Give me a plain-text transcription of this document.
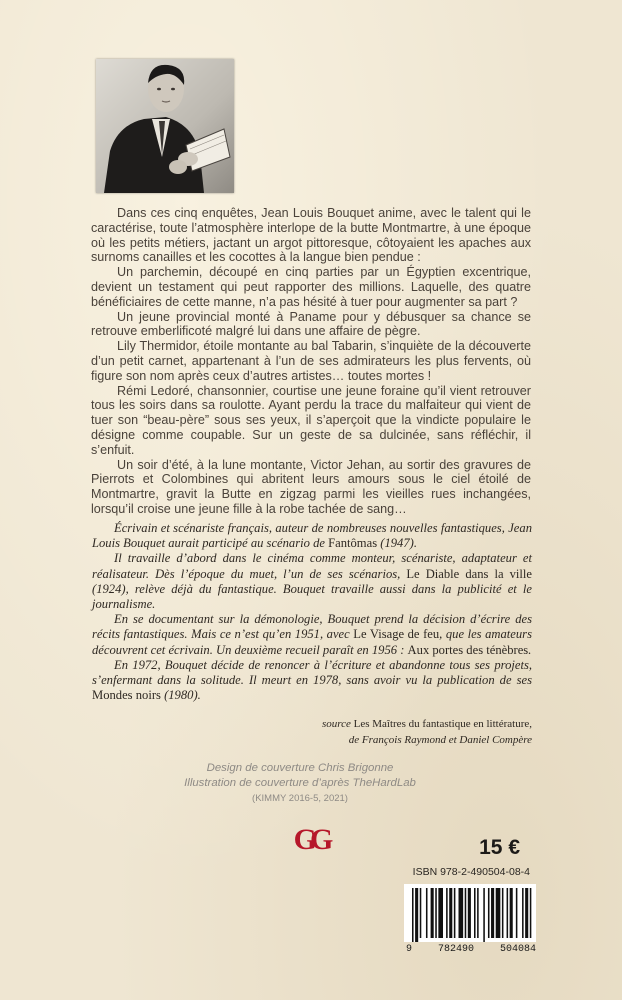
Dans ces cinq enquêtes, Jean Louis Bouquet anime, avec le talent qui le caractérise, toute l’atmosphère interlope de la butte Montmartre, à une époque où les petits métiers, jactant un argot pittoresque, côtoyaient les apaches aux surnoms canailles et les cocottes à la langue bien pendue :

Un parchemin, découpé en cinq parties par un Égyptien excentrique, devient un testament qui peut rapporter des millions. Laquelle, des quatre bénéficiaires de cette manne, n’a pas hésité à tuer pour augmenter sa part ?

Un jeune provincial monté à Paname pour y débusquer sa chance se retrouve emberlificoté malgré lui dans une affaire de pègre.

Lily Thermidor, étoile montante au bal Tabarin, s’inquiète de la découverte d’un petit carnet, appartenant à l’un de ses admirateurs les plus fervents, où figure son nom après ceux d’autres artistes… toutes mortes !

Rémi Ledoré, chansonnier, courtise une jeune foraine qu’il vient retrouver tous les soirs dans sa roulotte. Ayant perdu la trace du malfaiteur qui vient de tuer son “beau-père” sous ses yeux, il s’aperçoit que la vindicte populaire le désigne comme coupable. Sur un geste de sa dulcinée, sans réfléchir, il s’enfuit.

Un soir d’été, à la lune montante, Victor Jehan, au sortir des gravures de Pierrots et Colombines qui abritent leurs amours sous le ciel étoilé de Montmartre, gravit la Butte en zigzag parmi les vieilles rues inchangées, lorsqu’il croise une jeune fille à la robe tachée de sang…

Écrivain et scénariste français, auteur de nombreuses nouvelles fantastiques, Jean Louis Bouquet aurait participé au scénario de Fantômas (1947).

Il travaille d’abord dans le cinéma comme monteur, scénariste, adaptateur et réalisateur. Dès l’époque du muet, l’un de ses scénarios, Le Diable dans la ville (1924), relève déjà du fantastique. Bouquet travaille aussi dans la publicité et le journalisme.

En se documentant sur la démonologie, Bouquet prend la décision d’écrire des récits fantastiques. Mais ce n’est qu’en 1951, avec Le Visage de feu, que les amateurs découvrent cet écrivain. Un deuxième recueil paraît en 1956 : Aux portes des ténèbres.

En 1972, Bouquet décide de renoncer à l’écriture et abandonne tous ses projets, s’enfermant dans la solitude. Il meurt en 1978, sans avoir vu la publication de ses Mondes noirs (1980).

source Les Maîtres du fantastique en littérature,
de François Raymond et Daniel Compère
Design de couverture Chris Brigonne
Illustration de couverture d’après TheHardLab
(KIMMY 2016-5, 2021)
GG	15 €
ISBN 978-2-490504-08-4
9	782490	504084
